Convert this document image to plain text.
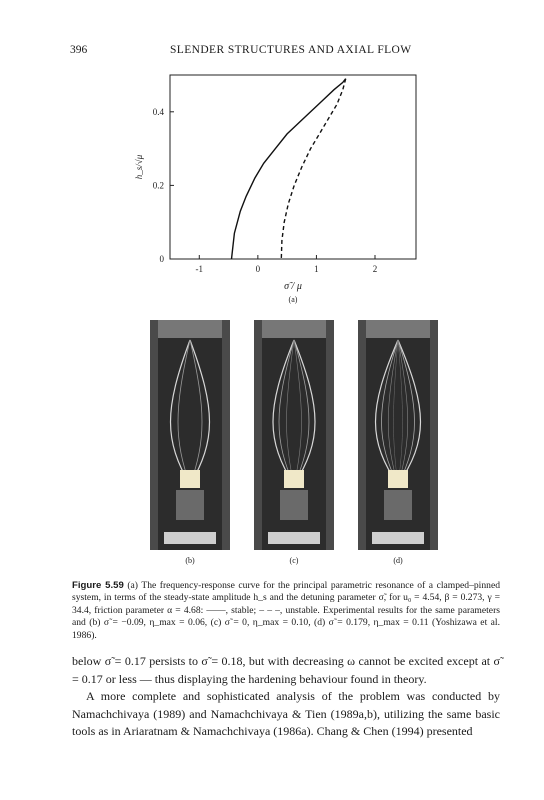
396	SLENDER STRUCTURES AND AXIAL FLOW
-1	0	1	2
0
0.2
0.4
σ̃ / μ
h_s/√μ
(a)
(b)	(c)	(d)
Figure 5.59 (a) The frequency-response curve for the principal parametric resonance of a clamped–pinned system, in terms of the steady-state amplitude h_s and the detuning parameter σ̃, for u₀ = 4.54, β = 0.273, γ = 34.4, friction parameter α = 4.68: ——, stable; – – –, unstable. Experimental results for the same parameters and (b) σ̃ = −0.09, η_max = 0.06, (c) σ̃ = 0, η_max = 0.10, (d) σ̃ = 0.179, η_max = 0.11 (Yoshizawa et al. 1986).

below σ̃ = 0.17 persists to σ̃ = 0.18, but with decreasing ω cannot be excited except at σ̃ = 0.17 or less — thus displaying the hardening behaviour found in theory.

A more complete and sophisticated analysis of the problem was conducted by Namachchivaya (1989) and Namachchivaya & Tien (1989a,b), utilizing the same basic tools as in Ariaratnam & Namachchivaya (1986a). Chang & Chen (1994) presented
